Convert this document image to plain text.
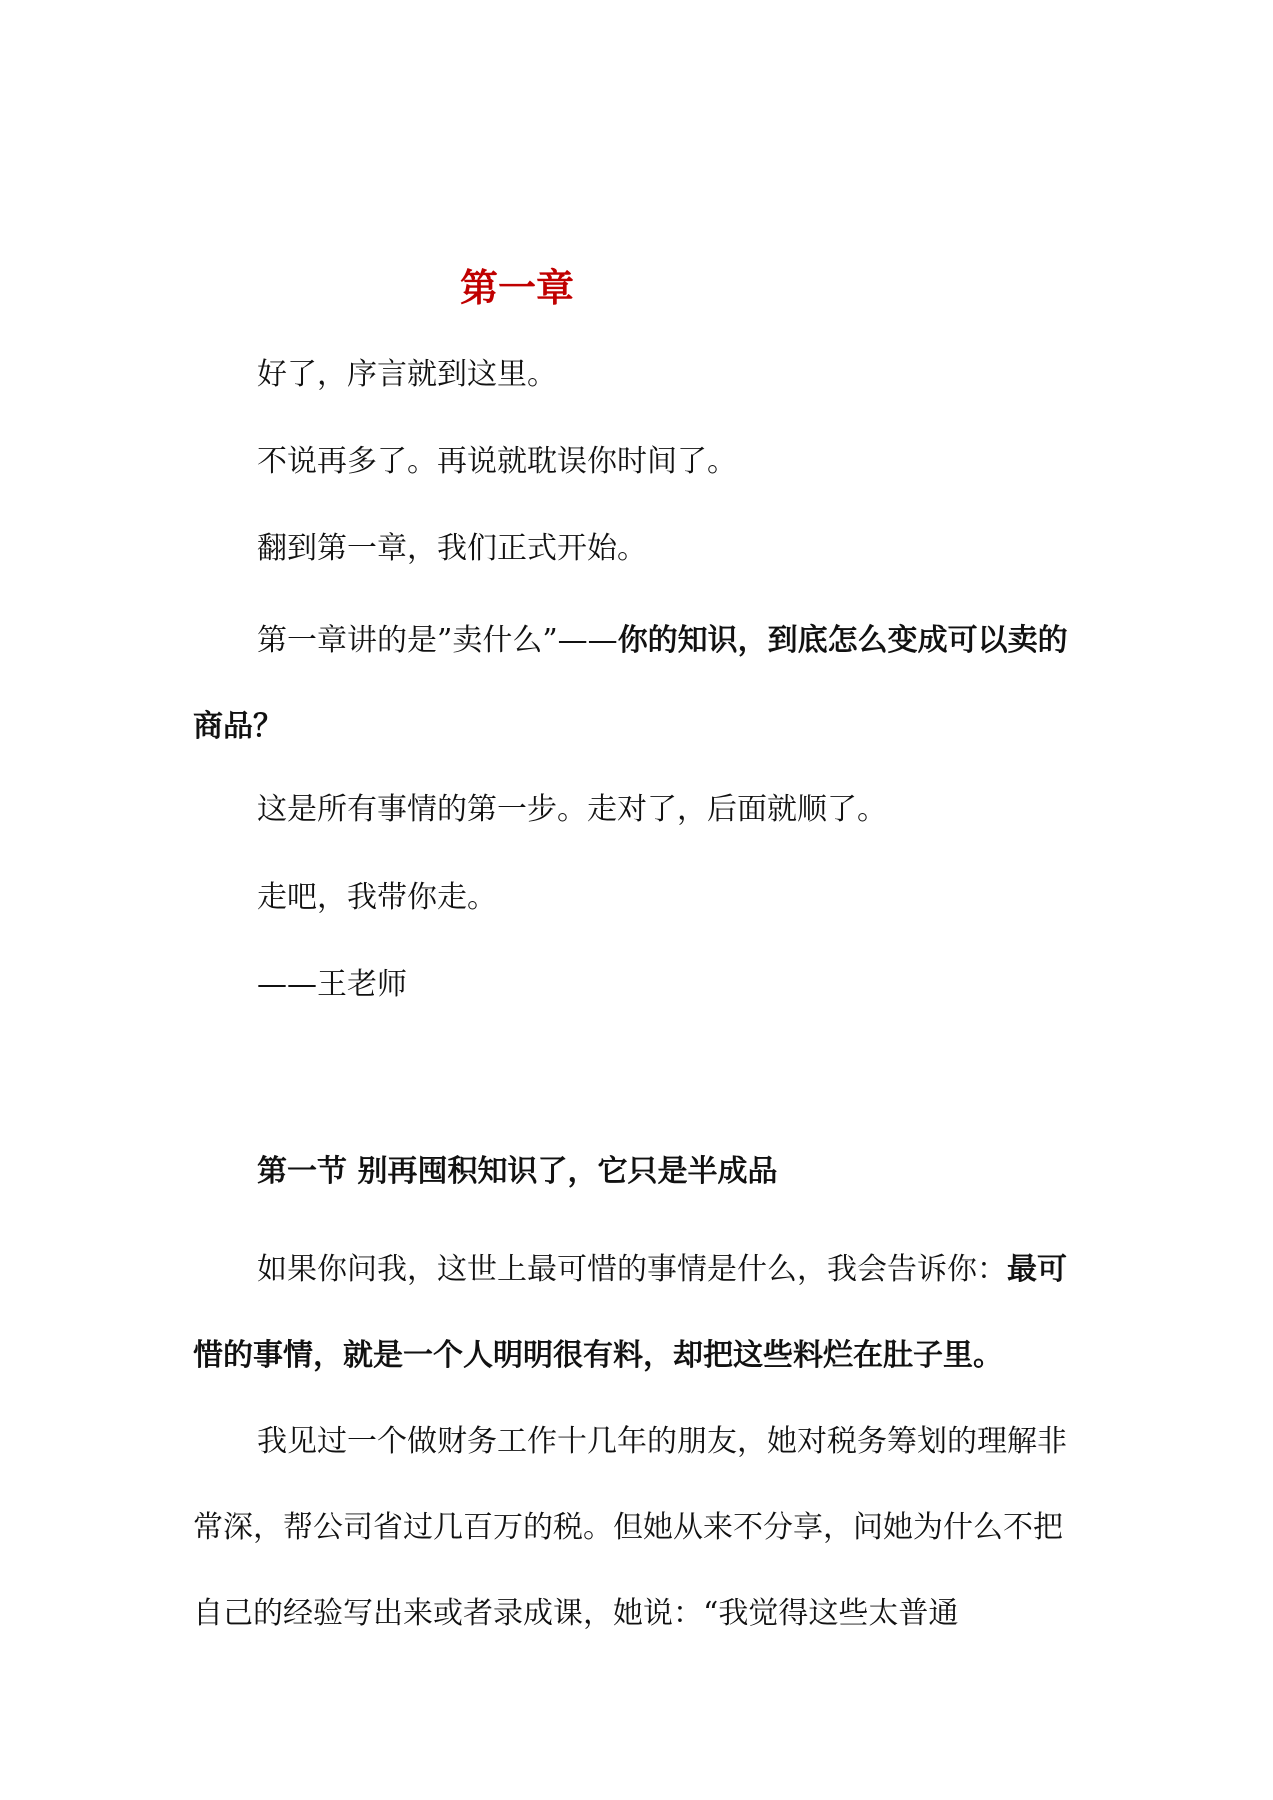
第一章

好了，序言就到这里。

不说再多了。再说就耽误你时间了。

翻到第一章，我们正式开始。

第一章讲的是”卖什么”——你的知识，到底怎么变成可以卖的商品？

这是所有事情的第一步。走对了，后面就顺了。

走吧，我带你走。

——王老师

第一节 别再囤积知识了，它只是半成品

如果你问我，这世上最可惜的事情是什么，我会告诉你：最可惜的事情，就是一个人明明很有料，却把这些料烂在肚子里。

我见过一个做财务工作十几年的朋友，她对税务筹划的理解非常深，帮公司省过几百万的税。但她从来不分享，问她为什么不把自己的经验写出来或者录成课，她说：“我觉得这些太普通
